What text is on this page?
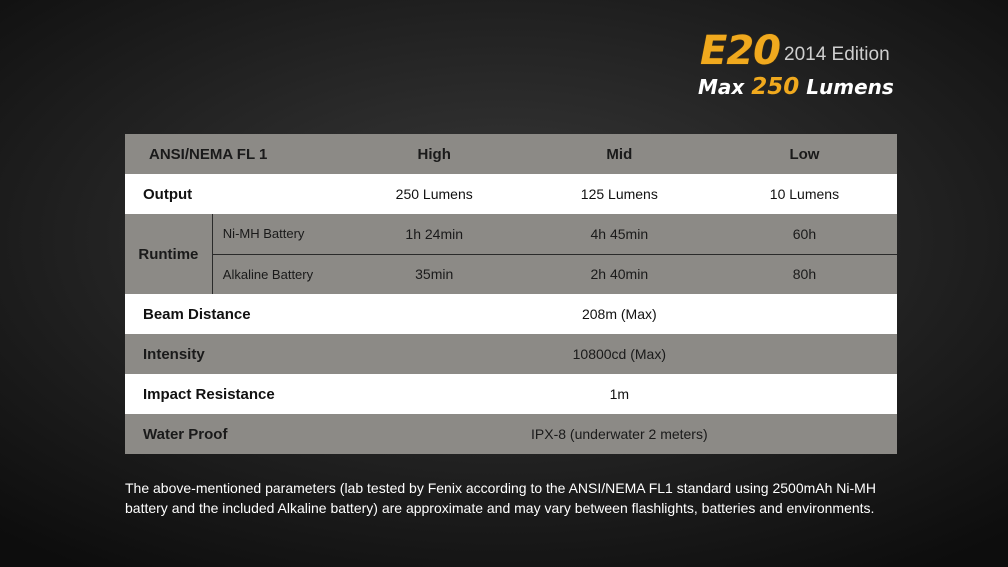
E20 2014 Edition
Max 250 Lumens
ANSI/NEMA FL 1		High	Mid	Low
Output		250 Lumens	125 Lumens	10 Lumens
Runtime	Ni-MH Battery	1h 24min	4h 45min	60h
	Alkaline Battery	35min	2h 40min	80h
Beam Distance		208m (Max)		
Intensity		10800cd (Max)		
Impact Resistance		1m		
Water Proof		IPX-8 (underwater 2 meters)		

The above-mentioned parameters (lab tested by Fenix according to the ANSI/NEMA FL1 standard using 2500mAh Ni-MH battery and the included Alkaline battery) are approximate and may vary between flashlights, batteries and environments.
